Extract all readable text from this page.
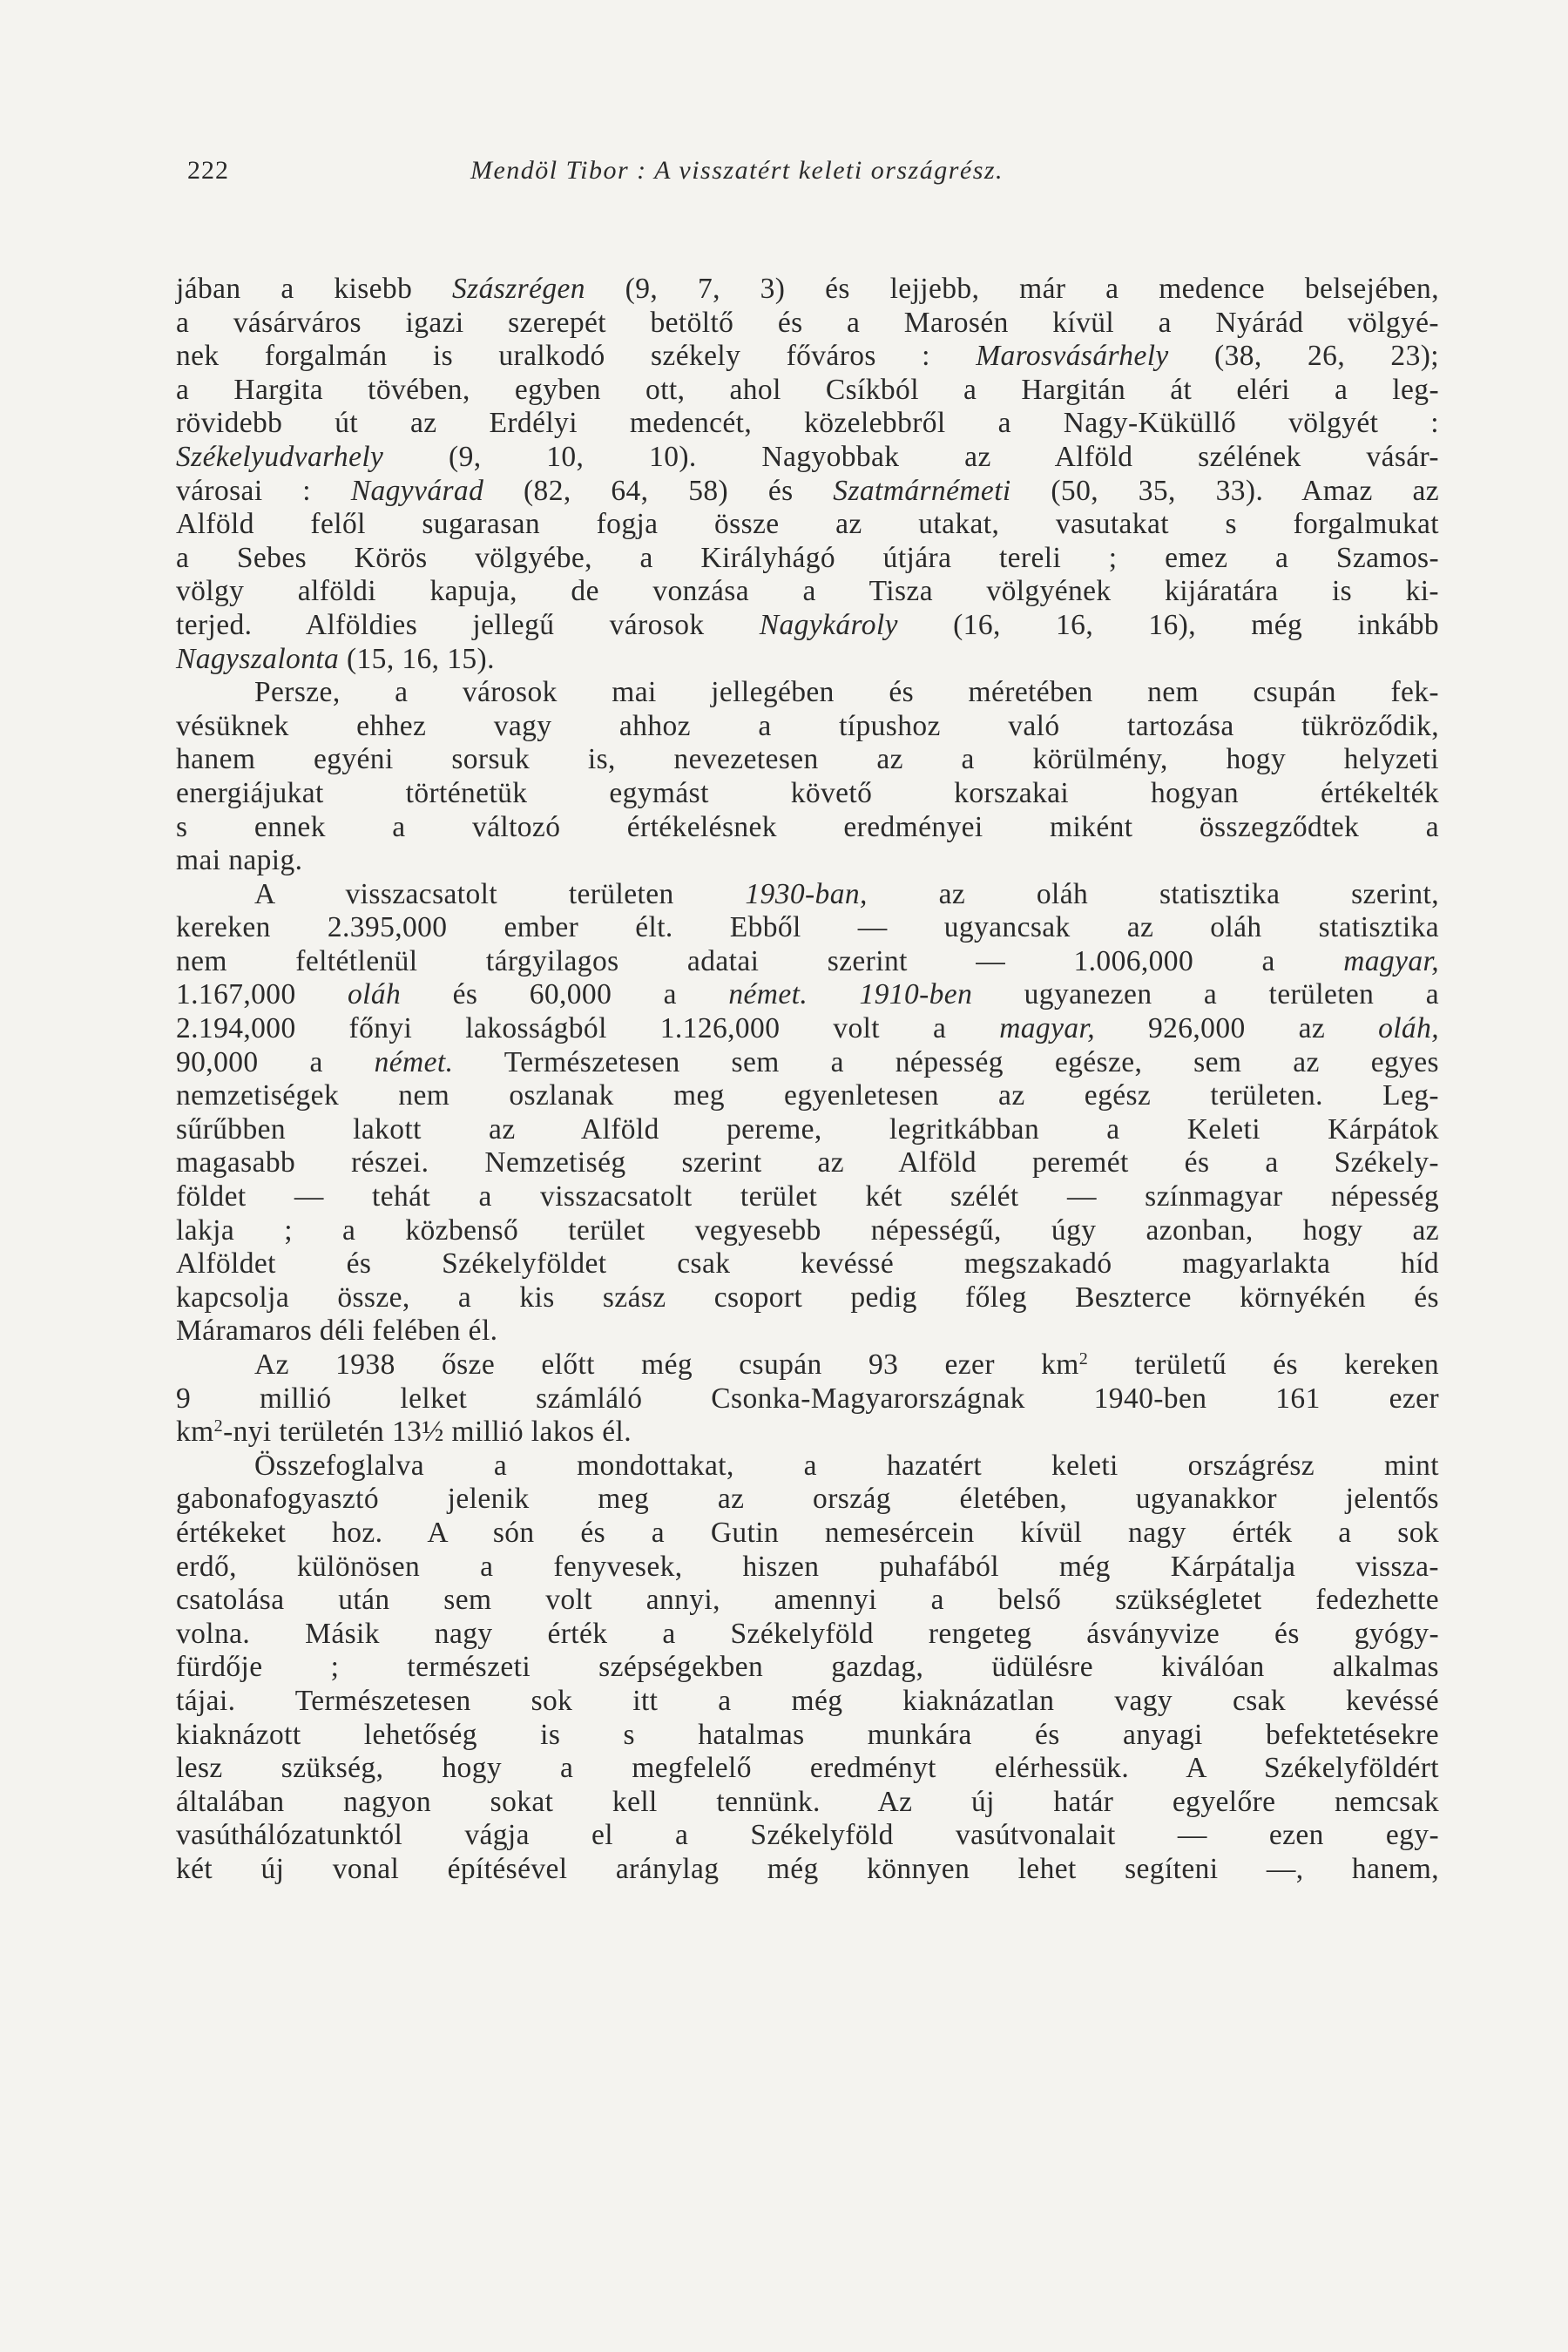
222	Mendöl Tibor : A visszatért keleti országrész.
jában a kisebb Szászrégen (9, 7, 3) és lejjebb, már a medence belsejében,
a vásárváros igazi szerepét betöltő és a Marosén kívül a Nyárád völgyé-
nek forgalmán is uralkodó székely főváros : Marosvásárhely (38, 26, 23);
a Hargita tövében, egyben ott, ahol Csíkból a Hargitán át eléri a leg-
rövidebb út az Erdélyi medencét, közelebbről a Nagy-Küküllő völgyét :
Székelyudvarhely (9, 10, 10). Nagyobbak az Alföld szélének vásár-
városai : Nagyvárad (82, 64, 58) és Szatmárnémeti (50, 35, 33). Amaz az
Alföld felől sugarasan fogja össze az utakat, vasutakat s forgalmukat
a Sebes Körös völgyébe, a Királyhágó útjára tereli ; emez a Szamos-
völgy alföldi kapuja, de vonzása a Tisza völgyének kijáratára is ki-
terjed. Alföldies jellegű városok Nagykároly (16, 16, 16), még inkább
Nagyszalonta (15, 16, 15).
Persze, a városok mai jellegében és méretében nem csupán fek-
vésüknek ehhez vagy ahhoz a típushoz való tartozása tükröződik,
hanem egyéni sorsuk is, nevezetesen az a körülmény, hogy helyzeti
energiájukat történetük egymást követő korszakai hogyan értékelték
s ennek a változó értékelésnek eredményei miként összegződtek a
mai napig.
A visszacsatolt területen 1930-ban, az oláh statisztika szerint,
kereken 2.395,000 ember élt. Ebből — ugyancsak az oláh statisztika
nem feltétlenül tárgyilagos adatai szerint — 1.006,000 a magyar,
1.167,000 oláh és 60,000 a német. 1910-ben ugyanezen a területen a
2.194,000 főnyi lakosságból 1.126,000 volt a magyar, 926,000 az oláh,
90,000 a német. Természetesen sem a népesség egésze, sem az egyes
nemzetiségek nem oszlanak meg egyenletesen az egész területen. Leg-
sűrűbben lakott az Alföld pereme, legritkábban a Keleti Kárpátok
magasabb részei. Nemzetiség szerint az Alföld peremét és a Székely-
földet — tehát a visszacsatolt terület két szélét — színmagyar népesség
lakja ; a közbenső terület vegyesebb népességű, úgy azonban, hogy az
Alföldet és Székelyföldet csak kevéssé megszakadó magyarlakta híd
kapcsolja össze, a kis szász csoport pedig főleg Beszterce környékén és
Máramaros déli felében él.
Az 1938 ősze előtt még csupán 93 ezer $km^2$ területű és kereken
9 millió lelket számláló Csonka-Magyarországnak 1940-ben 161 ezer
$km^2$-nyi területén 13½ millió lakos él.
Összefoglalva a mondottakat, a hazatért keleti országrész mint
gabonafogyasztó jelenik meg az ország életében, ugyanakkor jelentős
értékeket hoz. A són és a Gutin nemesércein kívül nagy érték a sok
erdő, különösen a fenyvesek, hiszen puhafából még Kárpátalja vissza-
csatolása után sem volt annyi, amennyi a belső szükségletet fedezhette
volna. Másik nagy érték a Székelyföld rengeteg ásványvize és gyógy-
fürdője ; természeti szépségekben gazdag, üdülésre kiválóan alkalmas
tájai. Természetesen sok itt a még kiaknázatlan vagy csak kevéssé
kiaknázott lehetőség is s hatalmas munkára és anyagi befektetésekre
lesz szükség, hogy a megfelelő eredményt elérhessük. A Székelyföldért
általában nagyon sokat kell tennünk. Az új határ egyelőre nemcsak
vasúthálózatunktól vágja el a Székelyföld vasútvonalait — ezen egy-
két új vonal építésével aránylag még könnyen lehet segíteni —, hanem,
